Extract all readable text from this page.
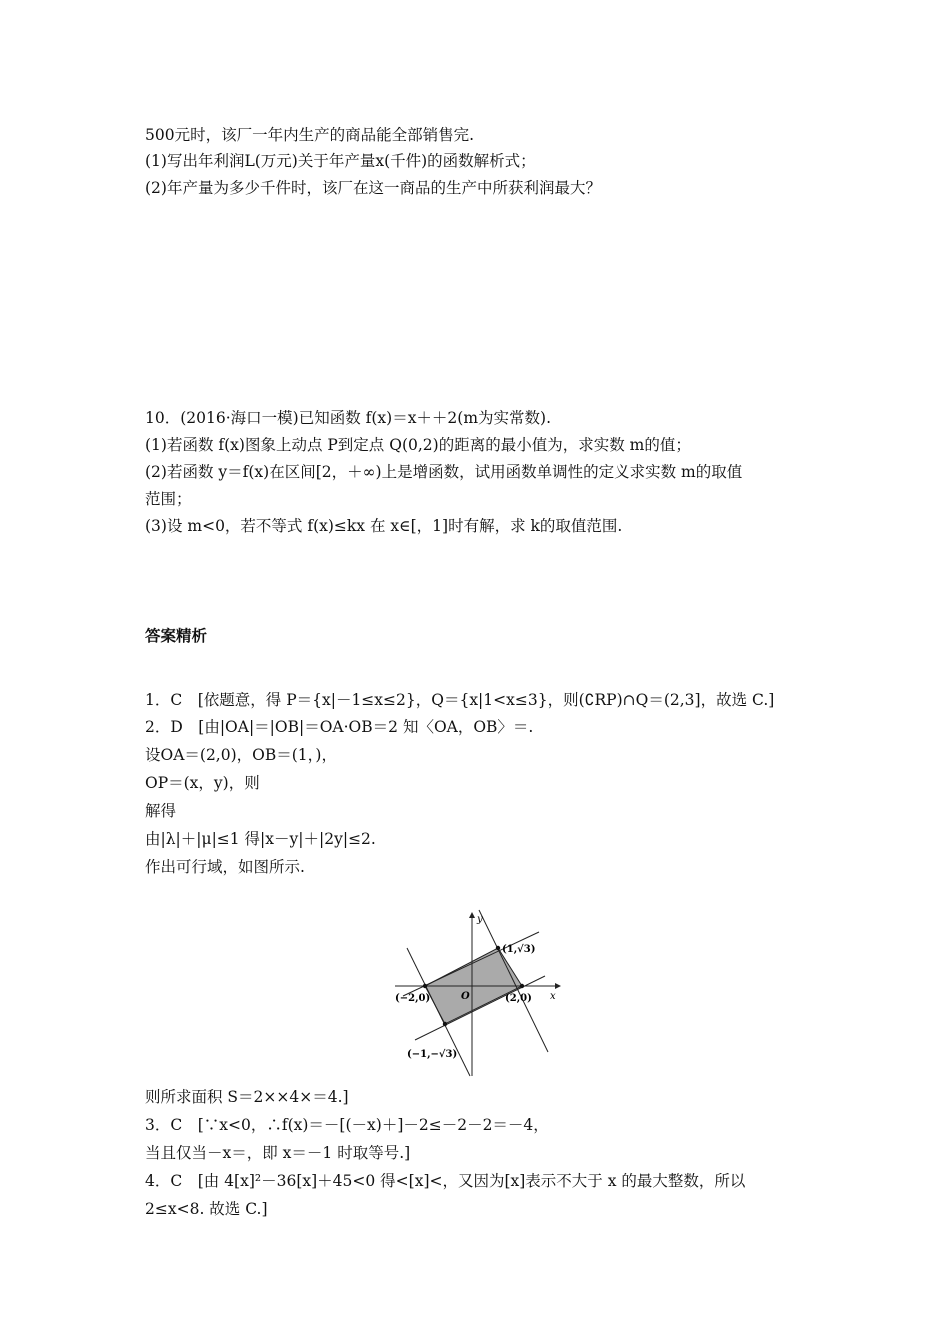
500元时，该厂一年内生产的商品能全部销售完.

(1)写出年利润L(万元)关于年产量x(千件)的函数解析式；

(2)年产量为多少千件时，该厂在这一商品的生产中所获利润最大？

10．(2016·海口一模)已知函数 f(x)＝x＋＋2(m为实常数).

(1)若函数 f(x)图象上动点 P到定点 Q(0,2)的距离的最小值为，求实数 m的值；

(2)若函数 y＝f(x)在区间[2，＋∞)上是增函数，试用函数单调性的定义求实数 m的取值

范围；

(3)设 m<0，若不等式 f(x)≤kx 在 x∈[，1]时有解，求 k的取值范围.

答案精析

1．C　[依题意，得 P＝{x|－1≤x≤2}，Q＝{x|1<x≤3}，则(∁RP)∩Q＝(2,3]，故选 C.]

2．D　[由|OA|＝|OB|＝OA·OB＝2 知〈OA，OB〉＝.

设OA＝(2,0)，OB＝(1，)，

OP＝(x，y)，则

解得

由|λ|＋|μ|≤1 得|x－y|＋|2y|≤2.

作出可行域，如图所示.

y
x
O
(1,√3)
(2,0)
(−2,0)
(−1,−√3)

则所求面积 S＝2××4×＝4.]

3．C　[∵x<0，∴f(x)＝－[(－x)＋]－2≤－2－2＝－4，

当且仅当－x＝，即 x＝－1 时取等号.]

4．C　[由 4[x]²－36[x]＋45<0 得<[x]<，又因为[x]表示不大于 x 的最大整数，所以

2≤x<8. 故选 C.]
